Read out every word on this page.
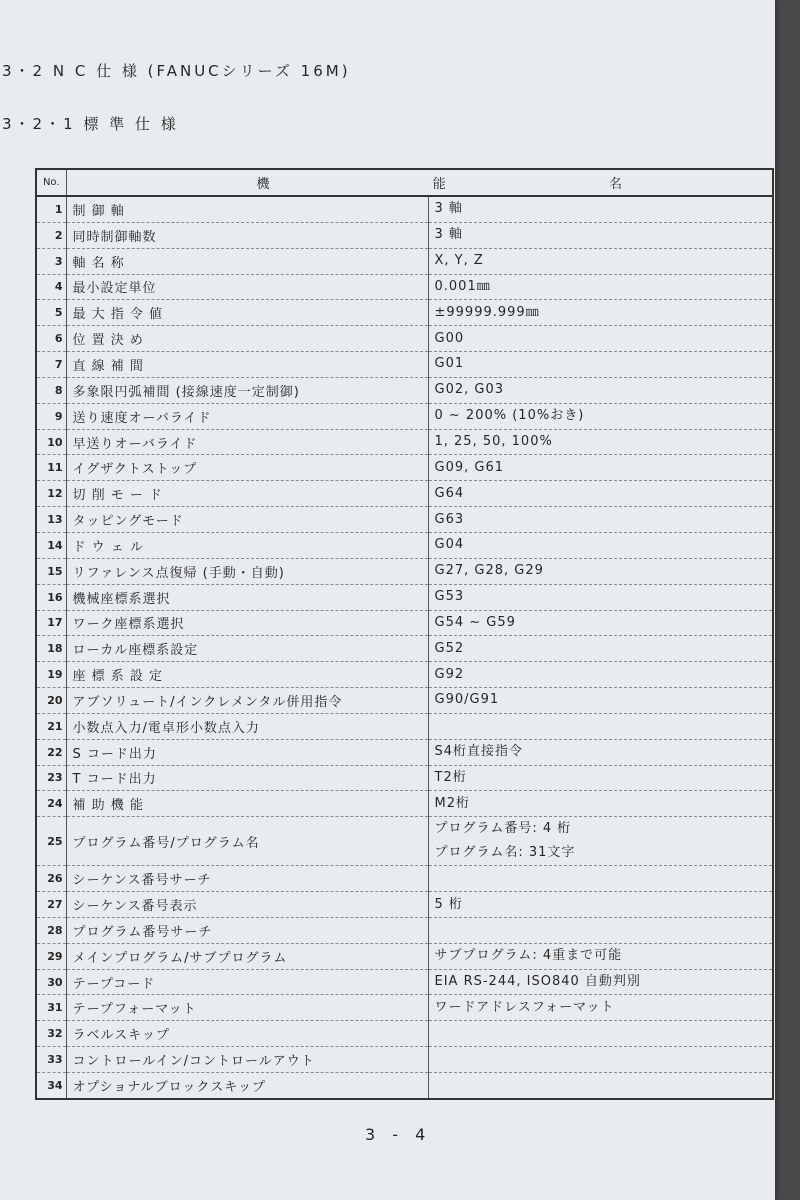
3・2 N C 仕 様 (FANUCシリーズ 16M)
3・2・1 標 準 仕 様
No.	機 能 名	

1	制 御 軸	3 軸

2	同時制御軸数	3 軸

3	軸 名 称	X, Y, Z

4	最小設定単位	0.001㎜

5	最 大 指 令 値	±99999.999㎜

6	位 置 決 め	G00

7	直 線 補 間	G01

8	多象限円弧補間 (接線速度一定制御)	G02, G03

9	送り速度オーバライド	0 ~ 200% (10%おき)

10	早送りオーバライド	1, 25, 50, 100%

11	イグザクトストップ	G09, G61

12	切 削 モ ー ド	G64

13	タッピングモード	G63

14	ド ウ ェ ル	G04

15	リファレンス点復帰 (手動・自動)	G27, G28, G29

16	機械座標系選択	G53

17	ワーク座標系選択	G54 ~ G59

18	ローカル座標系設定	G52

19	座 標 系 設 定	G92

20	アブソリュート/インクレメンタル併用指令	G90/G91

21	小数点入力/電卓形小数点入力	

22	S コード出力	S4桁直接指令

23	T コード出力	T2桁

24	補 助 機 能	M2桁

25	プログラム番号/プログラム名	プログラム番号: 4 桁
プログラム名: 31文字

26	シーケンス番号サーチ	

27	シーケンス番号表示	5 桁

28	プログラム番号サーチ	

29	メインプログラム/サブプログラム	サブプログラム: 4重まで可能

30	テープコード	EIA RS-244, ISO840 自動判別

31	テープフォーマット	ワードアドレスフォーマット

32	ラベルスキップ	

33	コントロールイン/コントロールアウト	

34	オプショナルブロックスキップ	
3 - 4
